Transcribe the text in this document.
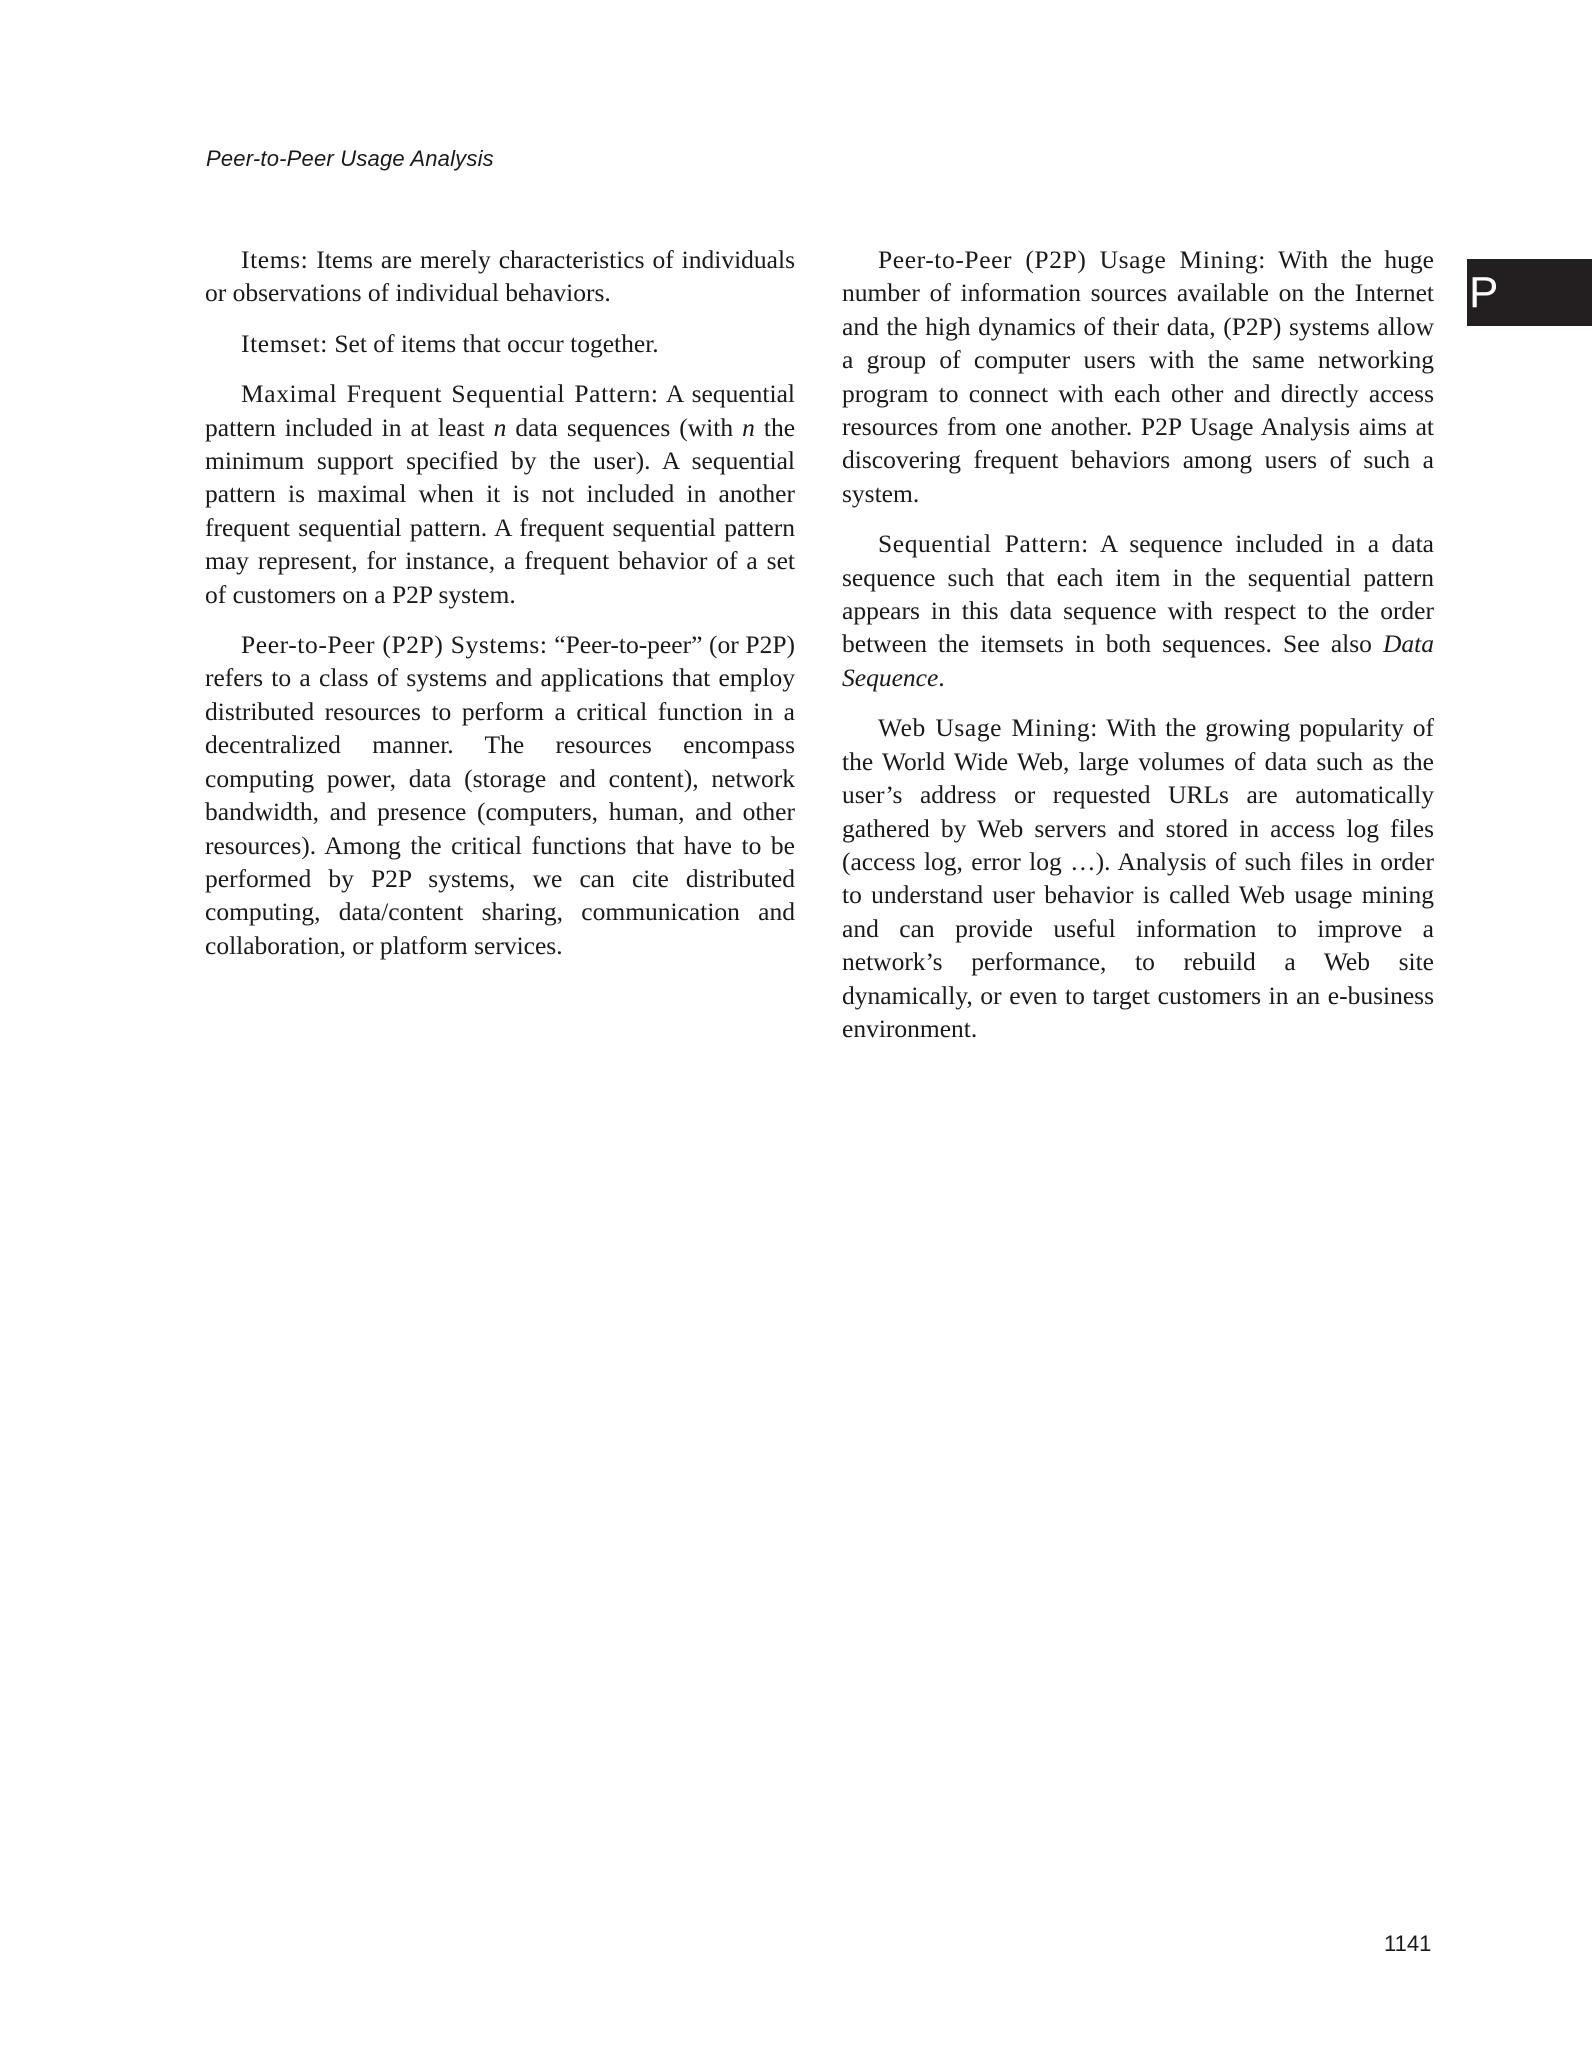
Peer-to-Peer Usage Analysis
P

Items: Items are merely characteristics of individuals or observations of individual behaviors.

Itemset: Set of items that occur together.

Maximal Frequent Sequential Pattern: A sequential pattern included in at least n data sequences (with n the minimum support specified by the user). A sequential pattern is maximal when it is not included in another frequent sequential pattern. A frequent sequential pattern may represent, for instance, a frequent behavior of a set of customers on a P2P system.

Peer-to-Peer (P2P) Systems: “Peer-to-peer” (or P2P) refers to a class of systems and applications that employ distributed resources to perform a critical function in a decentralized manner. The resources encompass computing power, data (storage and content), network bandwidth, and presence (computers, human, and other resources). Among the critical functions that have to be performed by P2P systems, we can cite distributed computing, data/content sharing, communication and collaboration, or platform services.

Peer-to-Peer (P2P) Usage Mining: With the huge number of information sources available on the Internet and the high dynamics of their data, (P2P) systems allow a group of computer users with the same networking program to connect with each other and directly access resources from one another. P2P Usage Analysis aims at discovering frequent behaviors among users of such a system.

Sequential Pattern: A sequence included in a data sequence such that each item in the sequential pattern appears in this data sequence with respect to the order between the itemsets in both sequences. See also Data Sequence.

Web Usage Mining: With the growing popularity of the World Wide Web, large volumes of data such as the user’s address or requested URLs are automatically gathered by Web servers and stored in access log files (access log, error log …). Analysis of such files in order to understand user behavior is called Web usage mining and can provide useful information to improve a network’s performance, to rebuild a Web site dynamically, or even to target customers in an e-business environment.

1141
